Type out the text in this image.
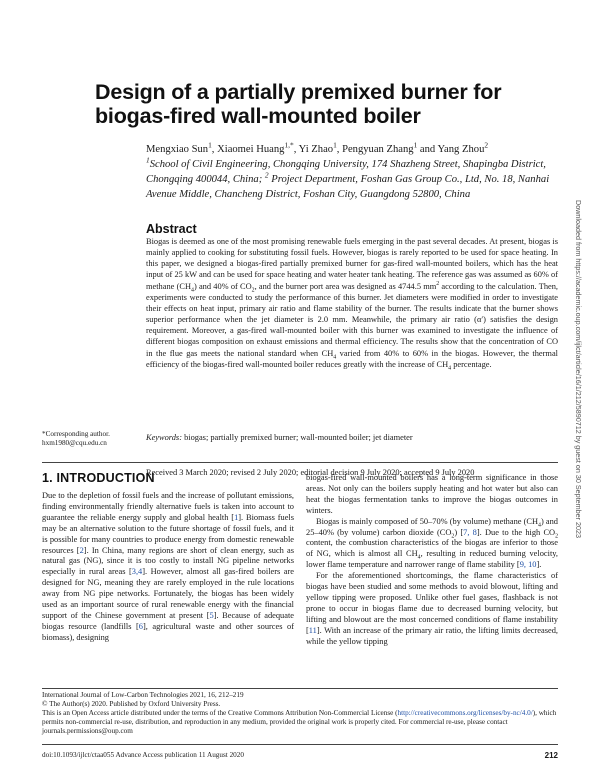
Design of a partially premixed burner for biogas-fired wall-mounted boiler
Mengxiao Sun$^1$, Xiaomei Huang$^{1,*}$, Yi Zhao$^1$, Pengyuan Zhang$^1$ and Yang Zhou$^2$
$^1$School of Civil Engineering, Chongqing University, 174 Shazheng Street, Shapingba District, Chongqing 400044, China; $^2$ Project Department, Foshan Gas Group Co., Ltd, No. 18, Nanhai Avenue Middle, Chancheng District, Foshan City, Guangdong 52800, China
Abstract
Biogas is deemed as one of the most promising renewable fuels emerging in the past several decades. At present, biogas is mainly applied to cooking for substituting fossil fuels. However, biogas is rarely reported to be used for space heating. In this paper, we designed a biogas-fired partially premixed burner for gas-fired wall-mounted boilers, which has the heat input of 25 kW and can be used for space heating and water heater tank heating. The reference gas was assumed as 60% of methane $(CH_4)$ and 40% of $CO_2$, and the burner port area was designed as 4744.5 $mm^2$ according to the calculation. Then, experiments were conducted to study the performance of this burner. Jet diameters were modified in order to investigate their effects on heat input, primary air ratio and flame stability of the burner. The results indicate that the burner shows superior performance when the jet diameter is 2.0 mm. Meanwhile, the primary air ratio (α′) satisfies the design requirement. Moreover, a gas-fired wall-mounted boiler with this burner was examined to investigate the influence of different biogas composition on exhaust emissions and thermal efficiency. The results show that the concentration of CO in the flue gas meets the national standard when $CH_4$ varied from 40% to 60% in the biogas. However, the thermal efficiency of the biogas-fired wall-mounted boiler reduces greatly with the increase of $CH_4$ percentage.
Keywords: biogas; partially premixed burner; wall-mounted boiler; jet diameter
*Corresponding author.
hxm1980@cqu.edu.cn
Received 3 March 2020; revised 2 July 2020; editorial decision 9 July 2020; accepted 9 July 2020
1. INTRODUCTION

Due to the depletion of fossil fuels and the increase of pollutant emissions, finding environmentally friendly alternative fuels is taken into account to guarantee the reliable energy supply and global health [1]. Biomass fuels may be an alternative solution to the future shortage of fossil fuels, and it is possible for many countries to produce energy from domestic renewable resources [2]. In China, many regions are short of clean energy, such as natural gas (NG), since it is too costly to install NG pipeline networks especially in rural areas [3,4]. However, almost all gas-fired boilers are designed for NG, meaning they are rarely employed in the rule locations away from NG pipe networks. Fortunately, the biogas has been widely used as an important source of rural renewable energy with the financial support of the Chinese government at present [5]. Because of adequate biogas resource (landfills [6], agricultural waste and other sources of biomass), designing

biogas-fired wall-mounted boilers has a long-term significance in those areas. Not only can the boilers supply heating and hot water but also can heat the biogas fermentation tanks to improve the biogas outcomes in winters.

Biogas is mainly composed of 50–70% (by volume) methane $(CH_4)$ and 25–40% (by volume) carbon dioxide $(CO_2)$ [7, 8]. Due to the high $CO_2$ content, the combustion characteristics of the biogas are inferior to those of NG, which is almost all $CH_4$, resulting in reduced burning velocity, lower flame temperature and narrower range of flame stability [9, 10].

For the aforementioned shortcomings, the flame characteristics of biogas have been studied and some methods to avoid blowout, lifting and yellow tipping were proposed. Unlike other fuel gases, flashback is not prone to occur in biogas flame due to decreased burning velocity, but lifting and blowout are the most concerned conditions of flame instability [11]. With an increase of the primary air ratio, the lifting limits decreased, while the yellow tipping

International Journal of Low-Carbon Technologies 2021, 16, 212–219
© The Author(s) 2020. Published by Oxford University Press.
This is an Open Access article distributed under the terms of the Creative Commons Attribution Non-Commercial License (http://creativecommons.org/licenses/by-nc/4.0/), which permits non-commercial re-use, distribution, and reproduction in any medium, provided the original work is properly cited. For commercial re-use, please contact journals.permissions@oup.com
doi:10.1093/ijlct/ctaa055 Advance Access publication 11 August 2020	212
Downloaded from https://academic.oup.com/ijlct/article/16/1/212/5890712 by guest on 30 September 2023
